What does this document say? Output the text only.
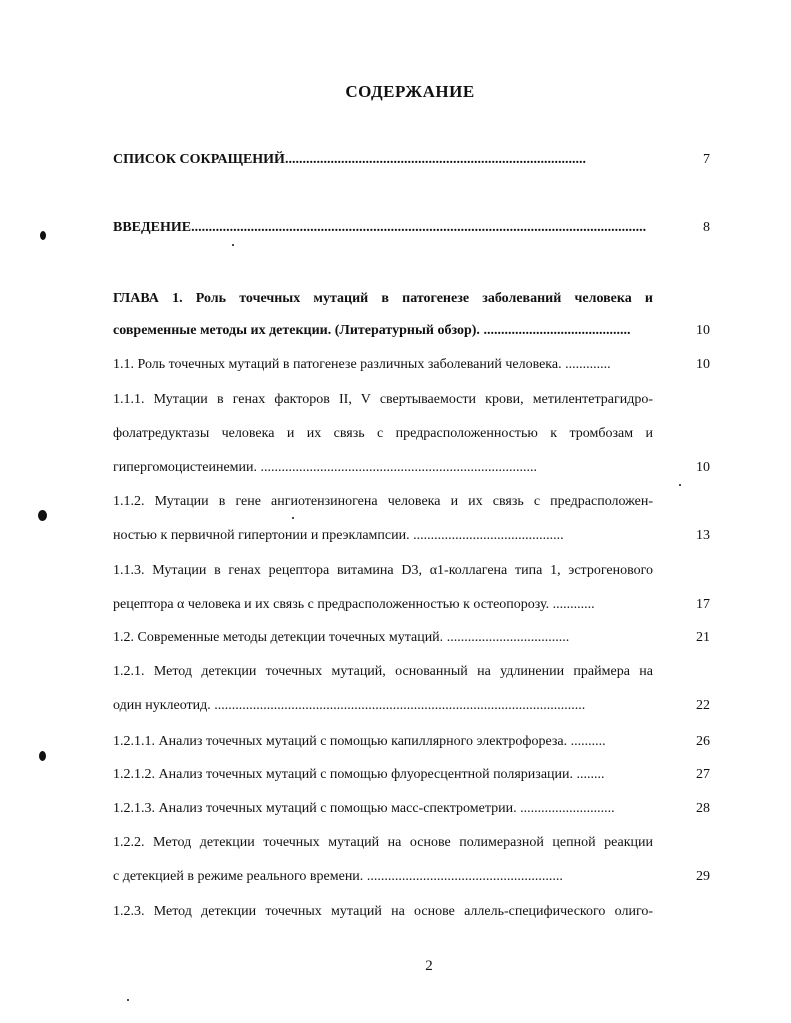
СОДЕРЖАНИЕ
СПИСОК СОКРАЩЕНИЙ......................................................................................	7
ВВЕДЕНИЕ..................................................................................................................................	8
ГЛАВА 1. Роль точечных мутаций в патогенезе заболеваний человека и
современные методы их детекции. (Литературный обзор). ..........................................	10
1.1. Роль точечных мутаций в патогенезе различных заболеваний человека. .............	10
1.1.1. Мутации в генах факторов II, V свертываемости крови, метилентетрагидро-
фолатредуктазы человека и их связь с предрасположенностью к тромбозам и
гипергомоцистеинемии. ...............................................................................	10
1.1.2. Мутации в гене ангиотензиногена человека и их связь с предрасположен-
ностью к первичной гипертонии и преэклампсии. ...........................................	13
1.1.3. Мутации в генах рецептора витамина D3, α1-коллагена типа 1, эстрогенового
рецептора α человека и их связь с предрасположенностью к остеопорозу. ............	17
1.2. Современные методы детекции точечных мутаций. ...................................	21
1.2.1. Метод детекции точечных мутаций, основанный на удлинении праймера на
один нуклеотид. ..........................................................................................................	22
1.2.1.1. Анализ точечных мутаций с помощью капиллярного электрофореза. ..........	26
1.2.1.2. Анализ точечных мутаций с помощью флуоресцентной поляризации. ........	27
1.2.1.3. Анализ точечных мутаций с помощью масс-спектрометрии. ...........................	28
1.2.2. Метод детекции точечных мутаций на основе полимеразной цепной реакции
с детекцией в режиме реального времени. ........................................................	29
1.2.3. Метод детекции точечных мутаций на основе аллель-специфического олиго-
2
